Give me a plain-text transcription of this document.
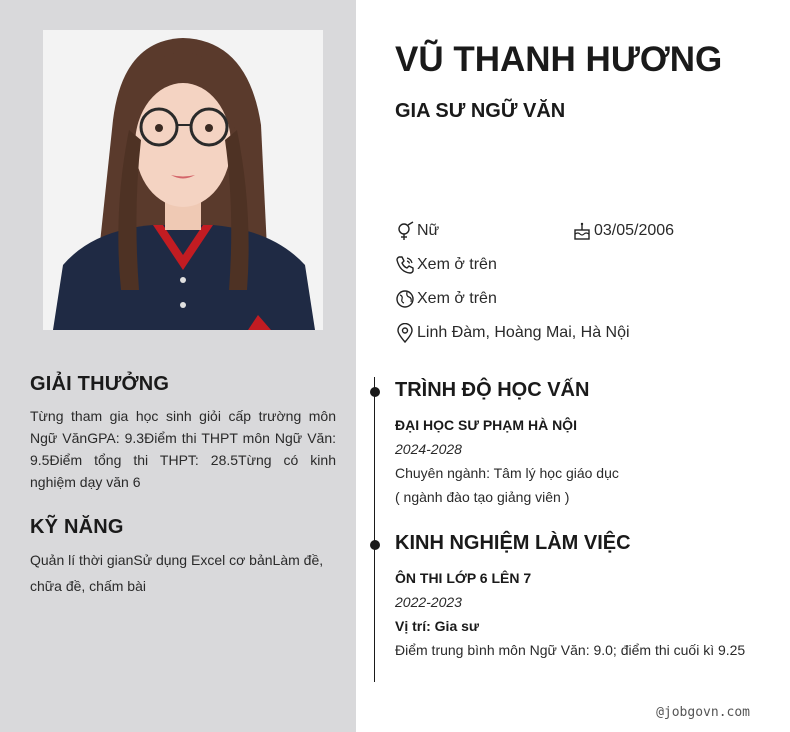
GIẢI THƯỞNG
Từng tham gia học sinh giỏi cấp trường môn Ngữ VănGPA: 9.3Điểm thi THPT môn Ngữ Văn: 9.5Điểm tổng thi THPT: 28.5Từng có kinh nghiệm dạy văn 6
KỸ NĂNG
Quản lí thời gianSử dụng Excel cơ bảnLàm đề, chữa đề, chấm bài
VŨ THANH HƯƠNG
GIA SƯ NGỮ VĂN
Nữ	03/05/2006
Xem ở trên
Xem ở trên
Linh Đàm, Hoàng Mai, Hà Nội
TRÌNH ĐỘ HỌC VẤN
ĐẠI HỌC SƯ PHẠM HÀ NỘI
2024-2028
Chuyên ngành: Tâm lý học giáo dục
( ngành đào tạo giảng viên )
KINH NGHIỆM LÀM VIỆC
ÔN THI LỚP 6 LÊN 7
2022-2023
Vị trí: Gia sư
Điểm trung bình môn Ngữ Văn: 9.0; điểm thi cuối kì 9.25
@jobgovn.com
